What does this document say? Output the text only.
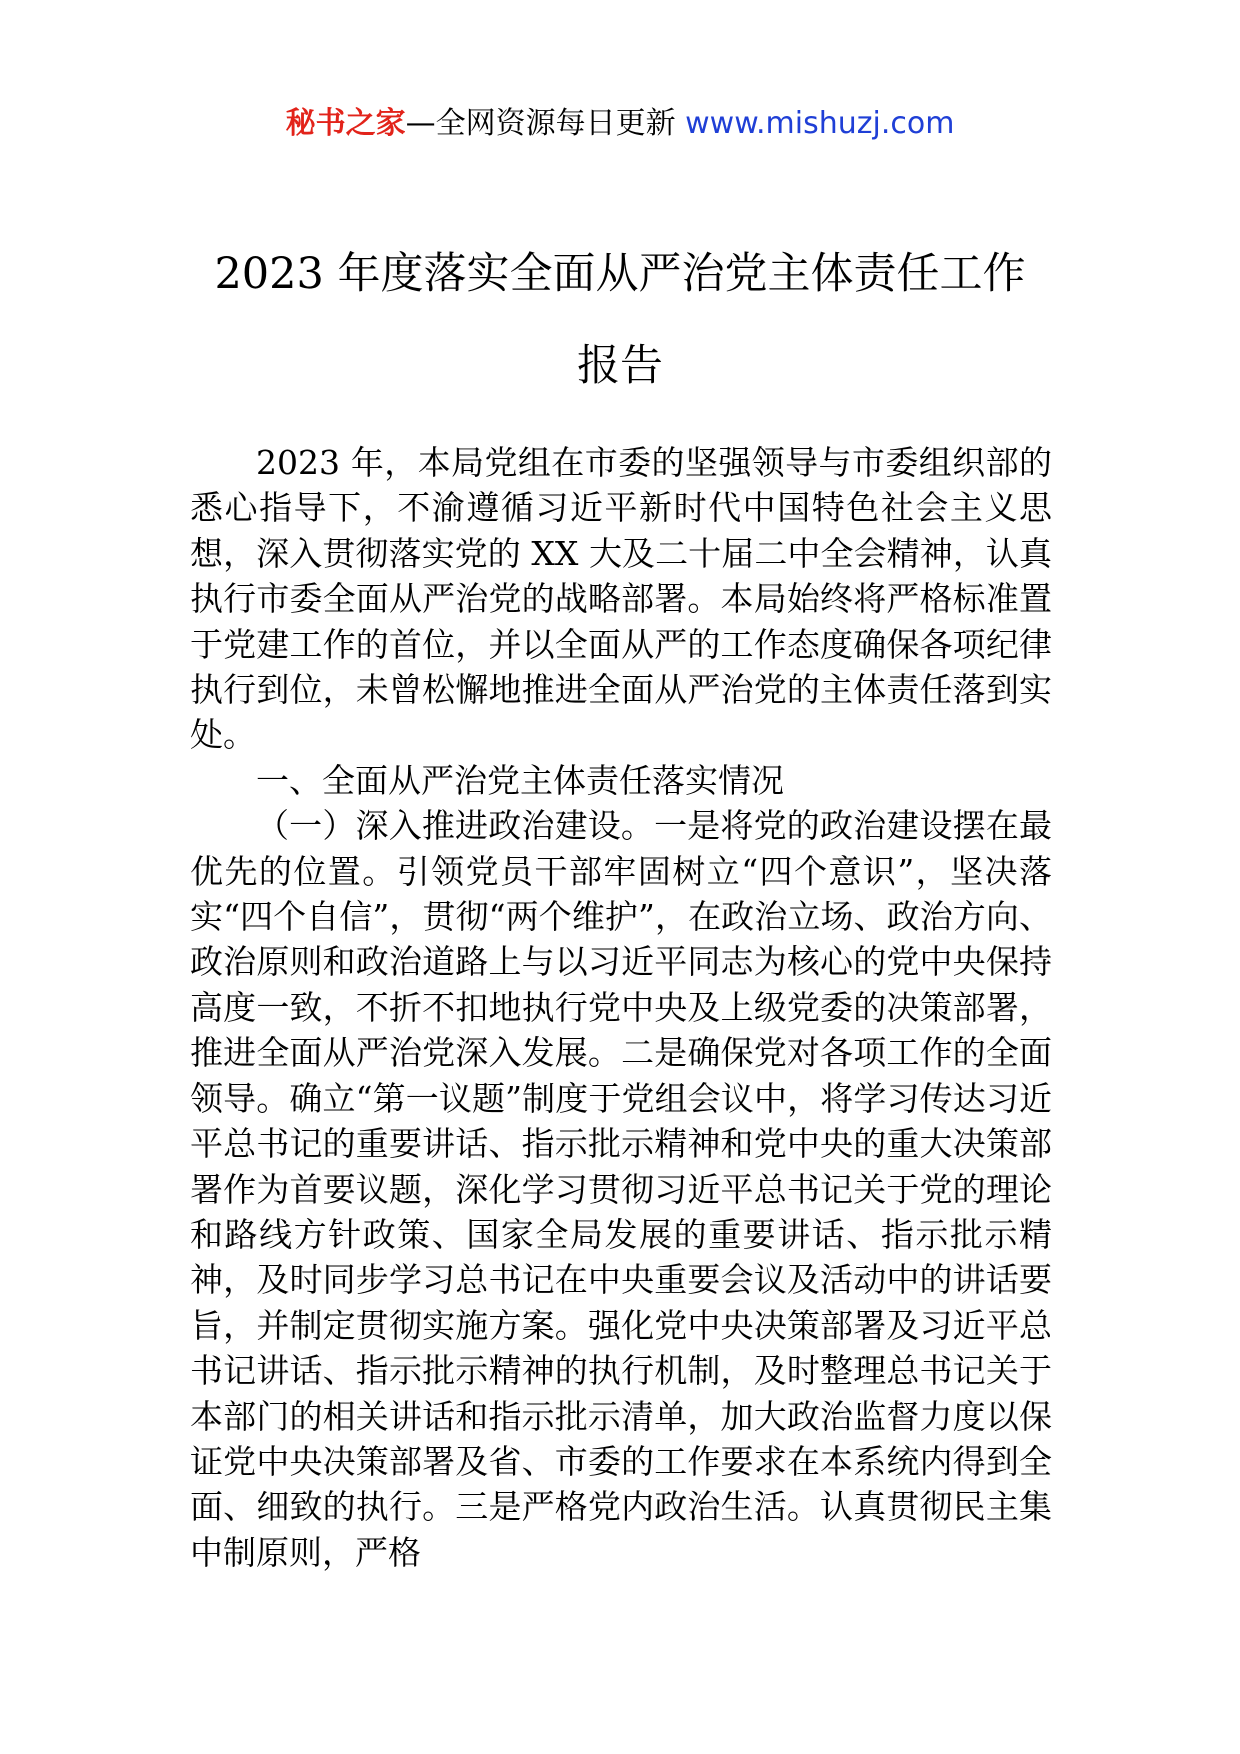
秘书之家—全网资源每日更新 www.mishuzj.com
2023 年度落实全面从严治党主体责任工作
报告

2023 年，本局党组在市委的坚强领导与市委组织部的悉心指导下，不渝遵循习近平新时代中国特色社会主义思想，深入贯彻落实党的 XX 大及二十届二中全会精神，认真执行市委全面从严治党的战略部署。本局始终将严格标准置于党建工作的首位，并以全面从严的工作态度确保各项纪律执行到位，未曾松懈地推进全面从严治党的主体责任落到实处。

一、全面从严治党主体责任落实情况

（一）深入推进政治建设。一是将党的政治建设摆在最优先的位置。引领党员干部牢固树立“四个意识”，坚决落实“四个自信”，贯彻“两个维护”，在政治立场、政治方向、政治原则和政治道路上与以习近平同志为核心的党中央保持高度一致，不折不扣地执行党中央及上级党委的决策部署，推进全面从严治党深入发展。二是确保党对各项工作的全面领导。确立“第一议题”制度于党组会议中，将学习传达习近平总书记的重要讲话、指示批示精神和党中央的重大决策部署作为首要议题，深化学习贯彻习近平总书记关于党的理论和路线方针政策、国家全局发展的重要讲话、指示批示精神，及时同步学习总书记在中央重要会议及活动中的讲话要旨，并制定贯彻实施方案。强化党中央决策部署及习近平总书记讲话、指示批示精神的执行机制，及时整理总书记关于本部门的相关讲话和指示批示清单，加大政治监督力度以保证党中央决策部署及省、市委的工作要求在本系统内得到全面、细致的执行。三是严格党内政治生活。认真贯彻民主集中制原则，严格
